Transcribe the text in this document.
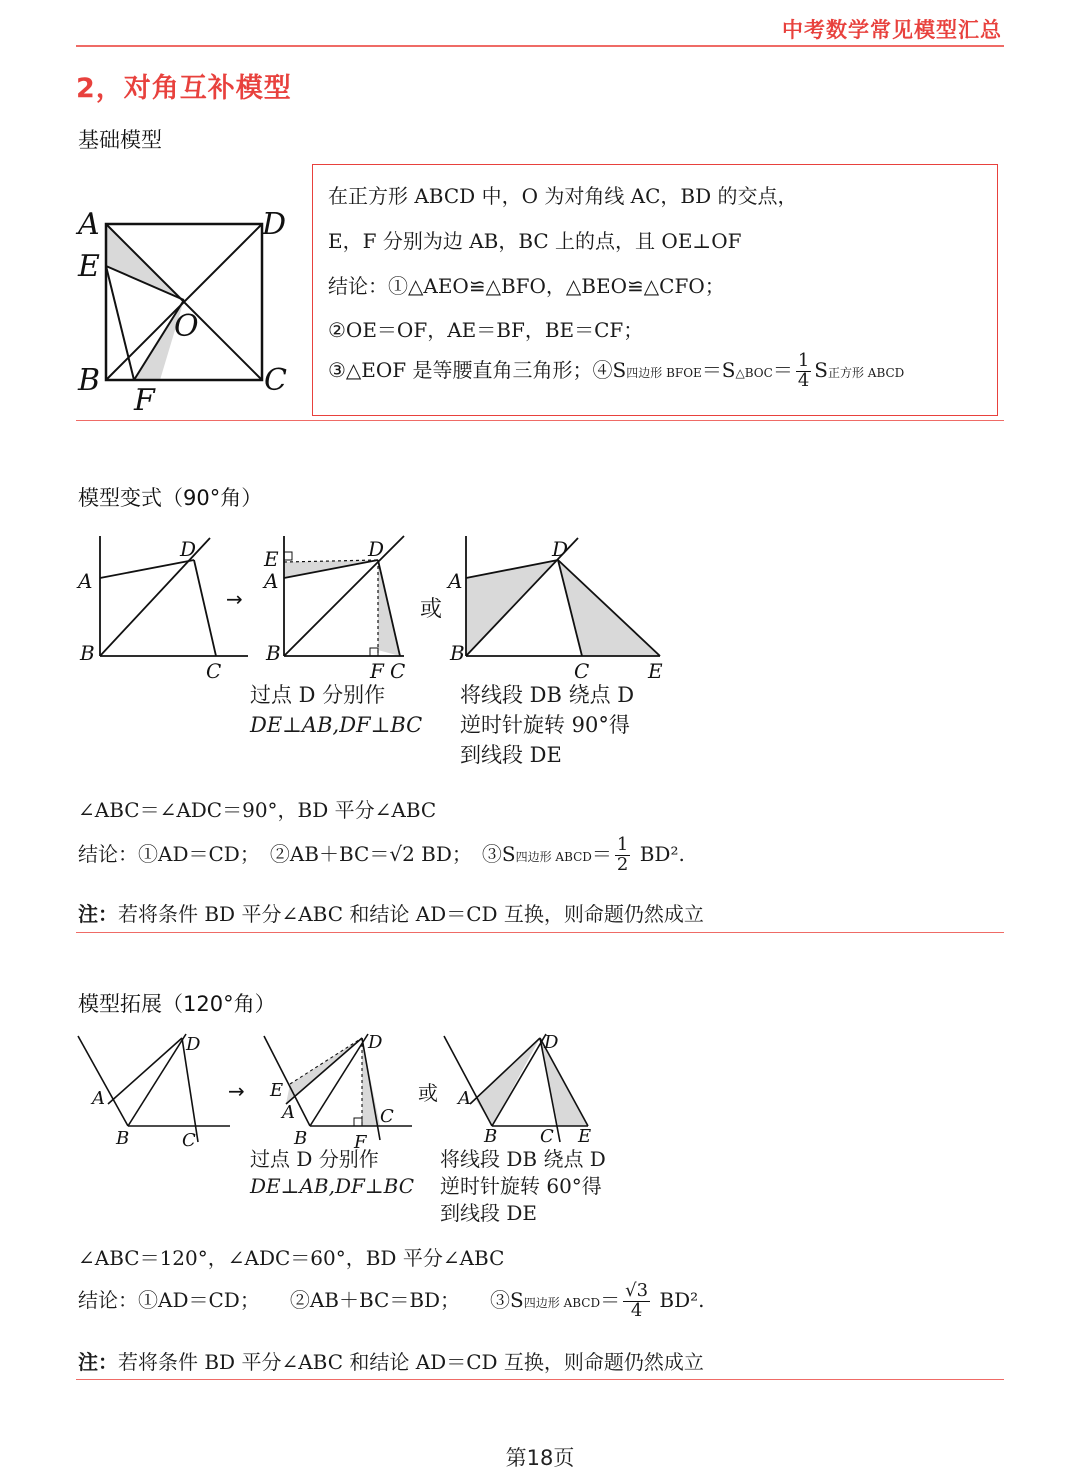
中考数学常见模型汇总
2，对角互补模型
基础模型
A	D
E
O
B	C
F
在正方形 ABCD 中，O 为对角线 AC，BD 的交点，
E，F 分别为边 AB，BC 上的点，且 OE⊥OF
结论：①△AEO≌△BFO，△BEO≌△CFO；
②OE＝OF，AE＝BF，BE＝CF；
③△EOF 是等腰直角三角形；④S四边形 BFOE＝S△BOC＝ $\frac{1}{4}$ S正方形 ABCD
模型变式（90°角）
A
D
B
C
→
E
A
D
B
F C
或
A
D
B
C	E
过点 D 分别作
DE⊥AB,DF⊥BC
将线段 DB 绕点 D
逆时针旋转 90°得
到线段 DE
∠ABC＝∠ADC＝90°，BD 平分∠ABC
结论：①AD＝CD；　②AB＋BC＝√2 BD；　③S四边形 ABCD＝ $\frac{1}{2} BD^2$.
注：若将条件 BD 平分∠ABC 和结论 AD＝CD 互换，则命题仍然成立
模型拓展（120°角）
A
D
B	C
→ E
A
D
C
B	F
或 A
D
B C E
过点 D 分别作
DE⊥AB,DF⊥BC
将线段 DB 绕点 D
逆时针旋转 60°得
到线段 DE
∠ABC＝120°，∠ADC＝60°，BD 平分∠ABC
结论：①AD＝CD；　　②AB＋BC＝BD；　　③S四边形 ABCD＝ $\frac{√3}{4} BD^2$.
注：若将条件 BD 平分∠ABC 和结论 AD＝CD 互换，则命题仍然成立
第18页
